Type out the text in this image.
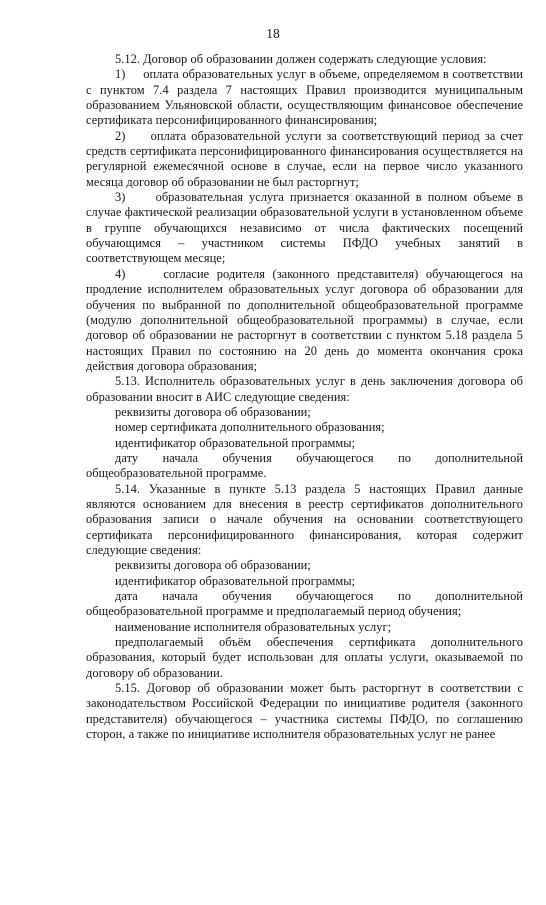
18

5.12. Договор об образовании должен содержать следующие условия:

1)     оплата образовательных услуг в объеме, определяемом в соответствии с пунктом 7.4 раздела 7 настоящих Правил производится муниципальным образованием Ульяновской области, осуществляющим финансовое обеспечение сертификата персонифицированного финансирования;

2)     оплата образовательной услуги за соответствующий период за счет средств сертификата персонифицированного финансирования осуществляется на регулярной ежемесячной основе в случае, если на первое число указанного месяца договор об образовании не был расторгнут;

3)     образовательная услуга признается оказанной в полном объеме в случае фактической реализации образовательной услуги в установленном объеме в группе обучающихся независимо от числа фактических посещений обучающимся – участником системы ПФДО учебных занятий в соответствующем месяце;

4)     согласие родителя (законного представителя) обучающегося на продление исполнителем образовательных услуг договора об образовании для обучения по выбранной по дополнительной общеобразовательной программе (модулю дополнительной общеобразовательной программы) в случае, если договор об образовании не расторгнут в соответствии с пунктом 5.18 раздела 5 настоящих Правил по состоянию на 20 день до момента окончания срока действия договора образования;

5.13. Исполнитель образовательных услуг в день заключения договора об образовании вносит в АИС следующие сведения:

реквизиты договора об образовании;

номер сертификата дополнительного образования;

идентификатор образовательной программы;

дату начала обучения обучающегося по дополнительной общеобразовательной программе.

5.14. Указанные в пункте 5.13 раздела 5 настоящих Правил данные являются основанием для внесения в реестр сертификатов дополнительного образования записи о начале обучения на основании соответствующего сертификата персонифицированного финансирования, которая содержит следующие сведения:

реквизиты договора об образовании;

идентификатор образовательной программы;

дата начала обучения обучающегося по дополнительной общеобразовательной программе и предполагаемый период обучения;

наименование исполнителя образовательных услуг;

предполагаемый объём обеспечения сертификата дополнительного образования, который будет использован для оплаты услуги, оказываемой по договору об образовании.

5.15. Договор об образовании может быть расторгнут в соответствии с законодательством Российской Федерации по инициативе родителя (законного представителя) обучающегося – участника системы ПФДО, по соглашению сторон, а также по инициативе исполнителя образовательных услуг не ранее
